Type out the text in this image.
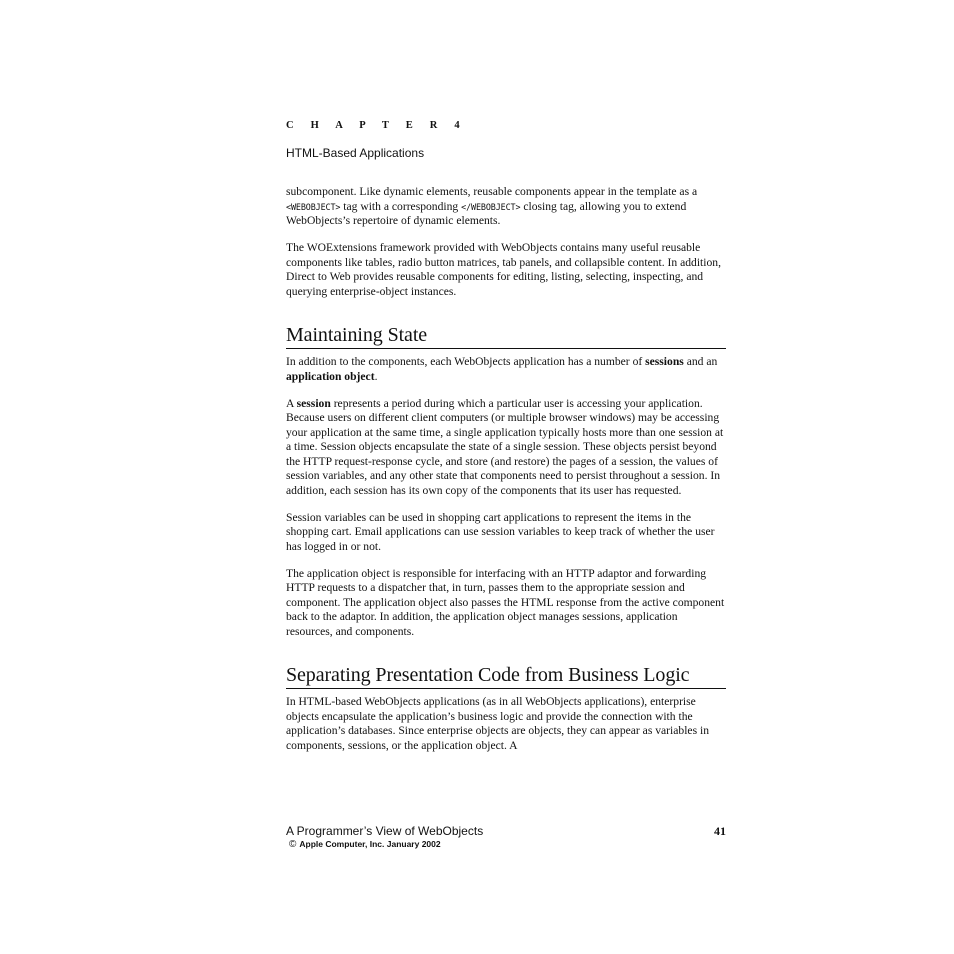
C H A P T E R 4
HTML-Based Applications

subcomponent. Like dynamic elements, reusable components appear in the template as a <WEBOBJECT> tag with a corresponding </WEBOBJECT> closing tag, allowing you to extend WebObjects’s repertoire of dynamic elements.

The WOExtensions framework provided with WebObjects contains many useful reusable components like tables, radio button matrices, tab panels, and collapsible content. In addition, Direct to Web provides reusable components for editing, listing, selecting, inspecting, and querying enterprise-object instances.

Maintaining State

In addition to the components, each WebObjects application has a number of sessions and an application object.

A session represents a period during which a particular user is accessing your application. Because users on different client computers (or multiple browser windows) may be accessing your application at the same time, a single application typically hosts more than one session at a time. Session objects encapsulate the state of a single session. These objects persist beyond the HTTP request-response cycle, and store (and restore) the pages of a session, the values of session variables, and any other state that components need to persist throughout a session. In addition, each session has its own copy of the components that its user has requested.

Session variables can be used in shopping cart applications to represent the items in the shopping cart. Email applications can use session variables to keep track of whether the user has logged in or not.

The application object is responsible for interfacing with an HTTP adaptor and forwarding HTTP requests to a dispatcher that, in turn, passes them to the appropriate session and component. The application object also passes the HTML response from the active component back to the adaptor. In addition, the application object manages sessions, application resources, and components.

Separating Presentation Code from Business Logic

In HTML-based WebObjects applications (as in all WebObjects applications), enterprise objects encapsulate the application’s business logic and provide the connection with the application’s databases. Since enterprise objects are objects, they can appear as variables in components, sessions, or the application object. A

A Programmer’s View of WebObjects	41
© Apple Computer, Inc. January 2002
